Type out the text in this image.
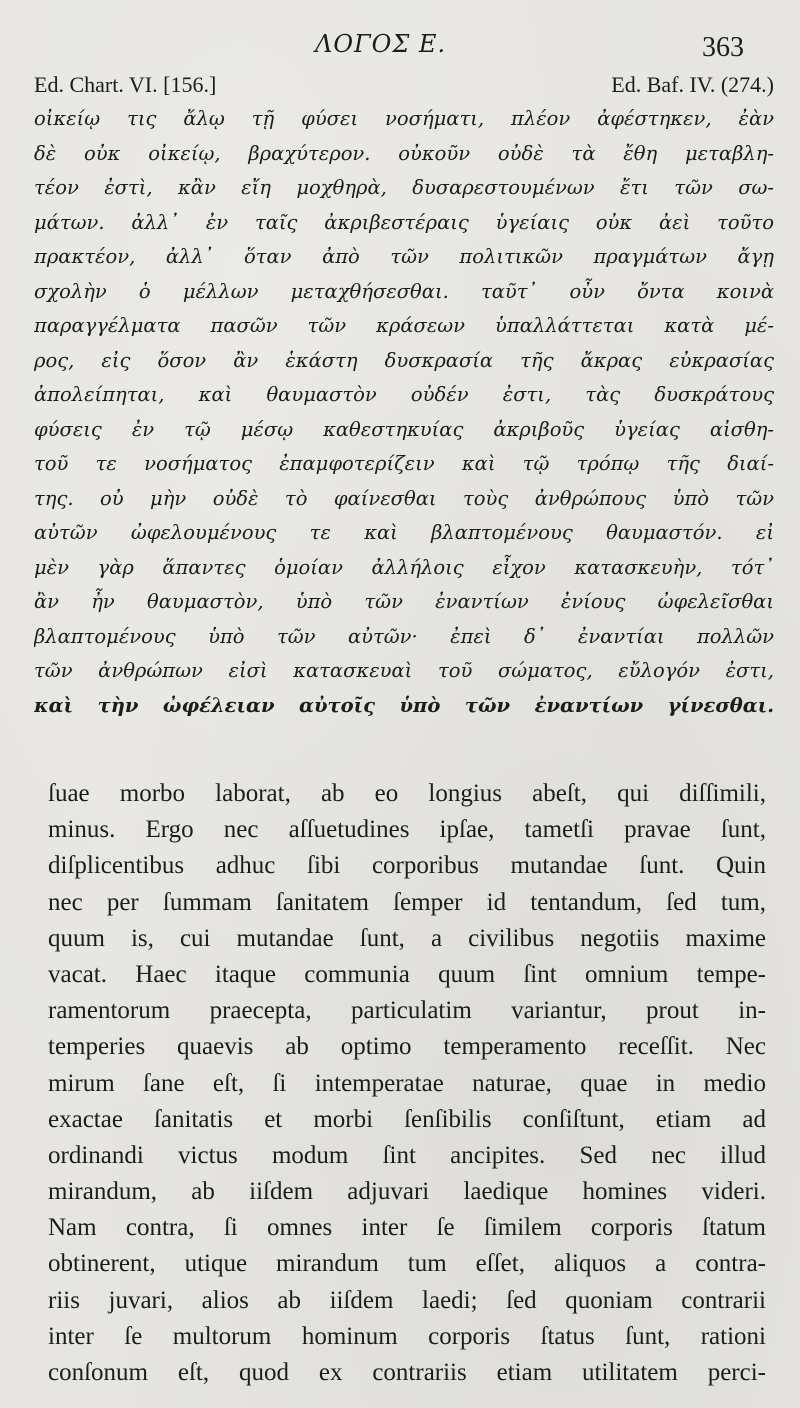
ΛΟΓΟΣ Ε.	363
Ed. Chart. VI. [156.]	Ed. Baf. IV. (274.)
οἰκείῳ τις ἄλῳ τῇ φύσει νοσήματι, πλέον ἀφέστηκεν, ἐὰν
δὲ οὐκ οἰκείῳ, βραχύτερον. οὐκοῦν οὐδὲ τὰ ἔθη μεταβλη-
τέον ἐστὶ, κἂν εἴη μοχθηρὰ, δυσαρεστουμένων ἔτι τῶν σω-
μάτων. ἀλλ᾽ ἐν ταῖς ἀκριβεστέραις ὑγείαις οὐκ ἀεὶ τοῦτο
πρακτέον, ἀλλ᾽ ὅταν ἀπὸ τῶν πολιτικῶν πραγμάτων ἄγῃ
σχολὴν ὁ μέλλων μεταχθήσεσθαι. ταῦτ᾽ οὖν ὄντα κοινὰ
παραγγέλματα πασῶν τῶν κράσεων ὑπαλλάττεται κατὰ μέ-
ρος, εἰς ὅσον ἂν ἑκάστη δυσκρασία τῆς ἄκρας εὐκρασίας
ἀπολείπηται, καὶ θαυμαστὸν οὐδέν ἐστι, τὰς δυσκράτους
φύσεις ἐν τῷ μέσῳ καθεστηκυίας ἀκριβοῦς ὑγείας αἰσθη-
τοῦ τε νοσήματος ἐπαμφοτερίζειν καὶ τῷ τρόπῳ τῆς διαί-
της. οὐ μὴν οὐδὲ τὸ φαίνεσθαι τοὺς ἀνθρώπους ὑπὸ τῶν
αὐτῶν ὠφελουμένους τε καὶ βλαπτομένους θαυμαστόν. εἰ
μὲν γὰρ ἅπαντες ὁμοίαν ἀλλήλοις εἶχον κατασκευὴν, τότ᾽
ἂν ἦν θαυμαστὸν, ὑπὸ τῶν ἐναντίων ἐνίους ὠφελεῖσθαι
βλαπτομένους ὑπὸ τῶν αὐτῶν· ἐπεὶ δ᾽ ἐναντίαι πολλῶν
τῶν ἀνθρώπων εἰσὶ κατασκευαὶ τοῦ σώματος, εὔλογόν ἐστι,
καὶ τὴν ὠφέλειαν αὐτοῖς ὑπὸ τῶν ἐναντίων γίνεσθαι.
ſuae morbo laborat, ab eo longius abeſt, qui diſſimili,
minus. Ergo nec aſſuetudines ipſae, tametſi pravae ſunt,
diſplicentibus adhuc ſibi corporibus mutandae ſunt. Quin
nec per ſummam ſanitatem ſemper id tentandum, ſed tum,
quum is, cui mutandae ſunt, a civilibus negotiis maxime
vacat. Haec itaque communia quum ſint omnium tempe-
ramentorum praecepta, particulatim variantur, prout in-
temperies quaevis ab optimo temperamento receſſit. Nec
mirum ſane eſt, ſi intemperatae naturae, quae in medio
exactae ſanitatis et morbi ſenſibilis conſiſtunt, etiam ad
ordinandi victus modum ſint ancipites. Sed nec illud
mirandum, ab iiſdem adjuvari laedique homines videri.
Nam contra, ſi omnes inter ſe ſimilem corporis ſtatum
obtinerent, utique mirandum tum eſſet, aliquos a contra-
riis juvari, alios ab iiſdem laedi; ſed quoniam contrarii
inter ſe multorum hominum corporis ſtatus ſunt, rationi
conſonum eſt, quod ex contrariis etiam utilitatem perci-
